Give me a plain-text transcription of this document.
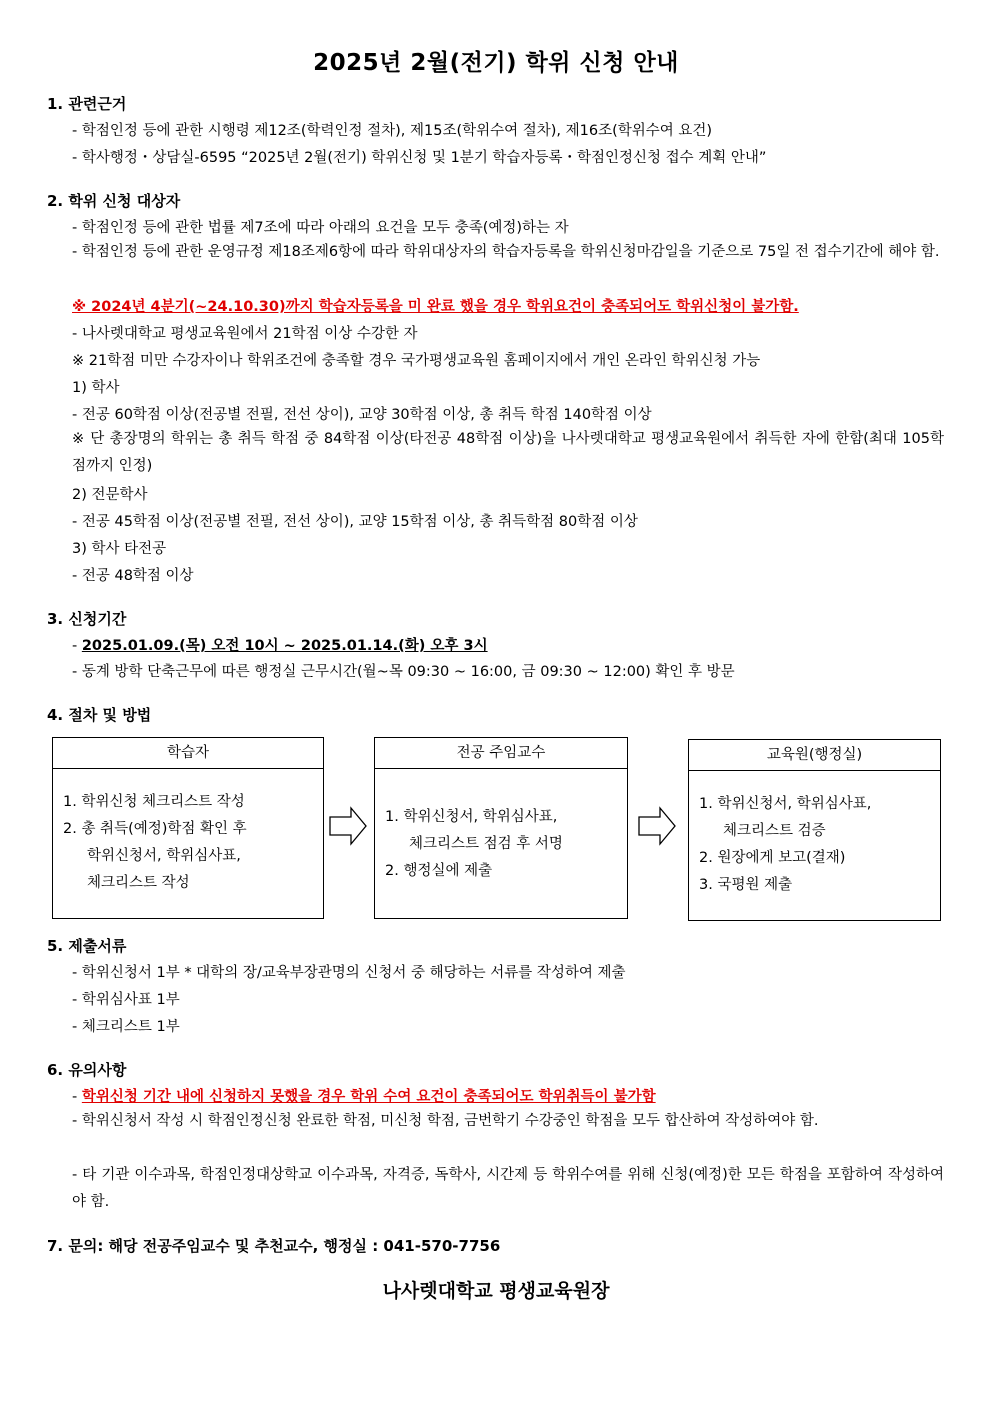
2025년 2월(전기) 학위 신청 안내
1. 관련근거
- 학점인정 등에 관한 시행령 제12조(학력인정 절차), 제15조(학위수여 절차), 제16조(학위수여 요건)
- 학사행정・상담실-6595 “2025년 2월(전기) 학위신청 및 1분기 학습자등록・학점인정신청 접수 계획 안내”
2. 학위 신청 대상자
- 학점인정 등에 관한 법률 제7조에 따라 아래의 요건을 모두 충족(예정)하는 자
- 학점인정 등에 관한 운영규정 제18조제6항에 따라 학위대상자의 학습자등록을 학위신청마감일을 기준으로 75일 전 접수기간에 해야 함.
※ 2024년 4분기(~24.10.30)까지 학습자등록을 미 완료 했을 경우 학위요건이 충족되어도 학위신청이 불가함.
- 나사렛대학교 평생교육원에서 21학점 이상 수강한 자
※ 21학점 미만 수강자이나 학위조건에 충족할 경우 국가평생교육원 홈페이지에서 개인 온라인 학위신청 가능
1) 학사
- 전공 60학점 이상(전공별 전필, 전선 상이), 교양 30학점 이상, 총 취득 학점 140학점 이상
※ 단 총장명의 학위는 총 취득 학점 중 84학점 이상(타전공 48학점 이상)을 나사렛대학교 평생교육원에서 취득한 자에 한함(최대 105학점까지 인정)
2) 전문학사
- 전공 45학점 이상(전공별 전필, 전선 상이), 교양 15학점 이상, 총 취득학점 80학점 이상
3) 학사 타전공
- 전공 48학점 이상
3. 신청기간
- 2025.01.09.(목) 오전 10시 ~ 2025.01.14.(화) 오후 3시
- 동계 방학 단축근무에 따른 행정실 근무시간(월~목 09:30 ~ 16:00, 금 09:30 ~ 12:00) 확인 후 방문
4. 절차 및 방법
학습자
1. 학위신청 체크리스트 작성
2. 총 취득(예정)학점 확인 후
학위신청서, 학위심사표,
체크리스트 작성
전공 주임교수
1. 학위신청서, 학위심사표,
체크리스트 점검 후 서명
2. 행정실에 제출
교육원(행정실)
1. 학위신청서, 학위심사표,
체크리스트 검증
2. 원장에게 보고(결재)
3. 국평원 제출
5. 제출서류
- 학위신청서 1부 * 대학의 장/교육부장관명의 신청서 중 해당하는 서류를 작성하여 제출
- 학위심사표 1부
- 체크리스트 1부
6. 유의사항
- 학위신청 기간 내에 신청하지 못했을 경우 학위 수여 요건이 충족되어도 학위취득이 불가함
- 학위신청서 작성 시 학점인정신청 완료한 학점, 미신청 학점, 금번학기 수강중인 학점을 모두 합산하여 작성하여야 함.
- 타 기관 이수과목, 학점인정대상학교 이수과목, 자격증, 독학사, 시간제 등 학위수여를 위해 신청(예정)한 모든 학점을 포함하여 작성하여야 함.
7. 문의: 해당 전공주임교수 및 추천교수, 행정실 : 041-570-7756
나사렛대학교 평생교육원장
